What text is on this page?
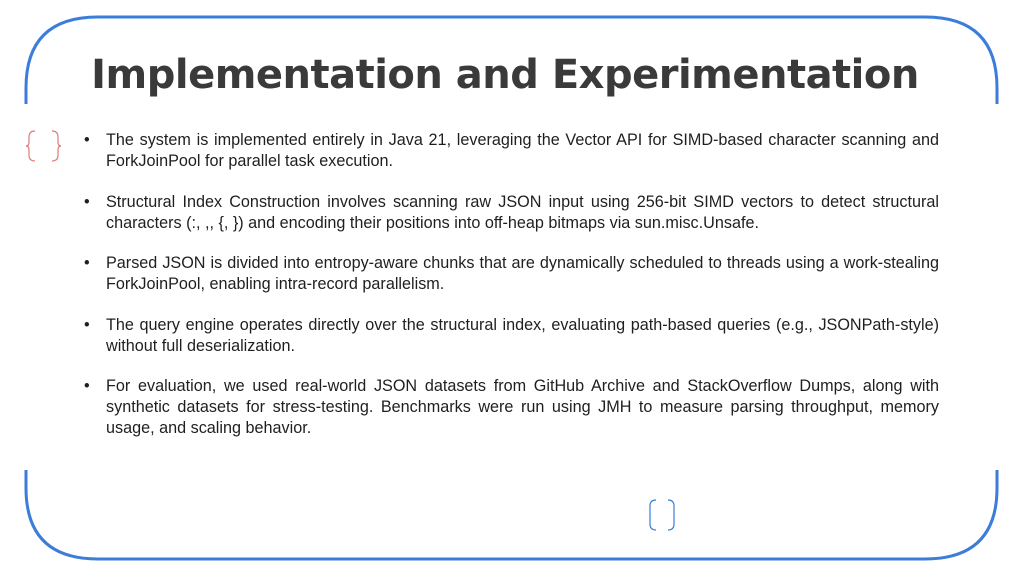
Implementation and Experimentation
• The system is implemented entirely in Java 21, leveraging the Vector API for SIMD-based character scanning and ForkJoinPool for parallel task execution.
• Structural Index Construction involves scanning raw JSON input using 256-bit SIMD vectors to detect structural characters (:, ,, {, }) and encoding their positions into off-heap bitmaps via sun.misc.Unsafe.
• Parsed JSON is divided into entropy-aware chunks that are dynamically scheduled to threads using a work-stealing ForkJoinPool, enabling intra-record parallelism.
• The query engine operates directly over the structural index, evaluating path-based queries (e.g., JSONPath-style) without full deserialization.
• For evaluation, we used real-world JSON datasets from GitHub Archive and StackOverflow Dumps, along with synthetic datasets for stress-testing. Benchmarks were run using JMH to measure parsing throughput, memory usage, and scaling behavior.
